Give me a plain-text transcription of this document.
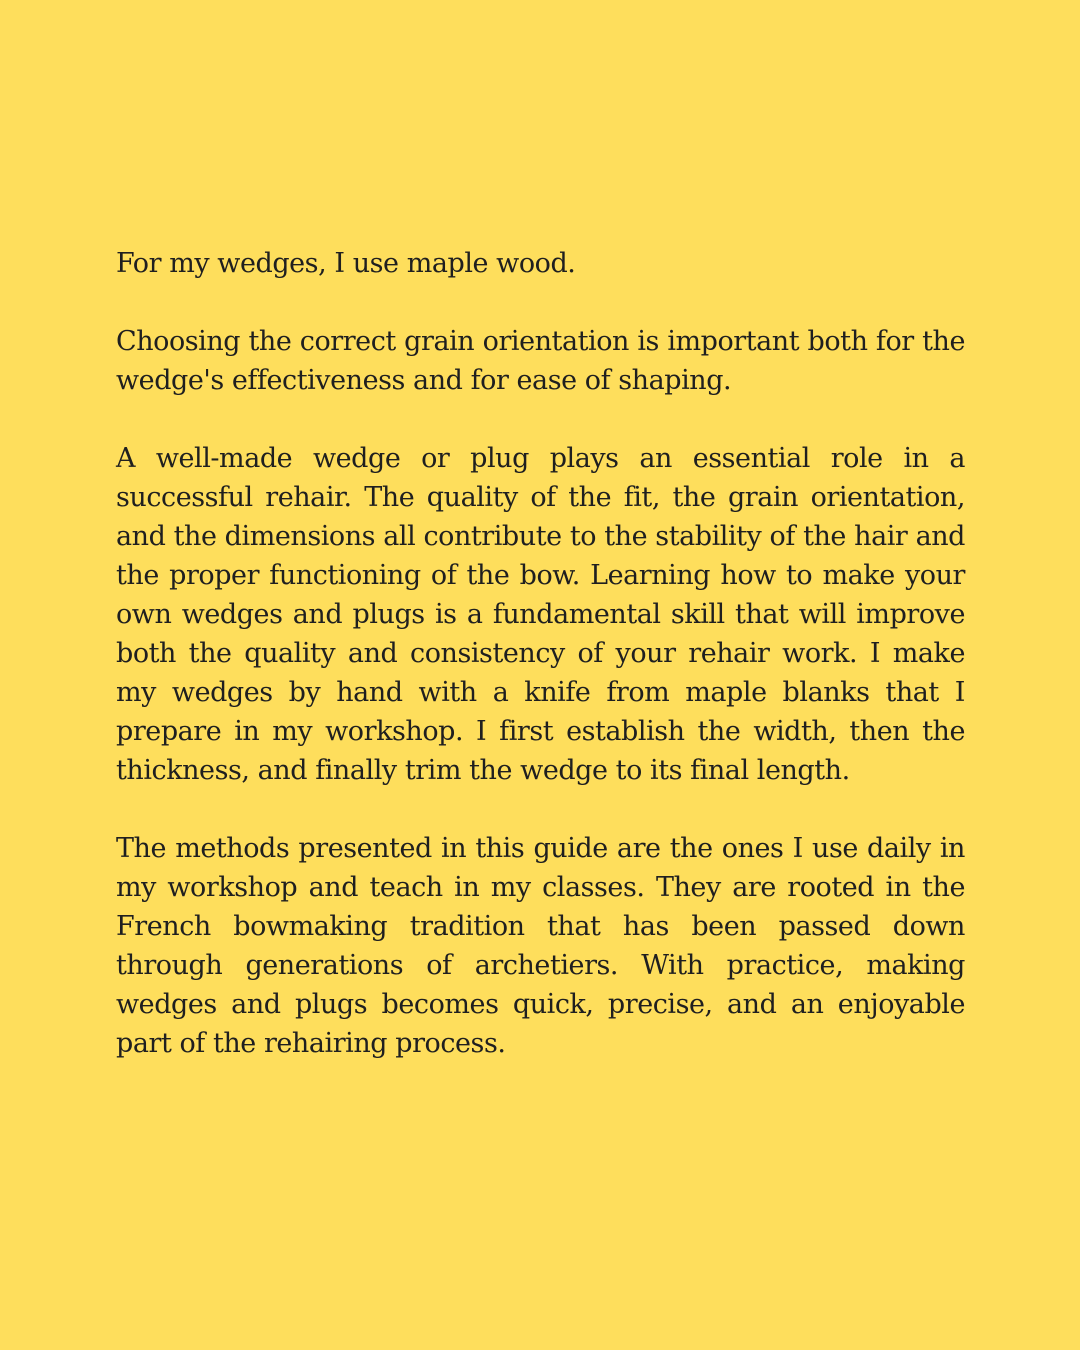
For my wedges, I use maple wood.

Choosing the correct grain orientation is important both for the wedge's effectiveness and for ease of shaping.

A well-made wedge or plug plays an essential role in a successful rehair. The quality of the fit, the grain orientation, and the dimensions all contribute to the stability of the hair and the proper functioning of the bow. Learning how to make your own wedges and plugs is a fundamental skill that will improve both the quality and consistency of your rehair work. I make my wedges by hand with a knife from maple blanks that I prepare in my workshop. I first establish the width, then the thickness, and finally trim the wedge to its final length.

The methods presented in this guide are the ones I use daily in my workshop and teach in my classes. They are rooted in the French bowmaking tradition that has been passed down through generations of archetiers. With practice, making wedges and plugs becomes quick, precise, and an enjoyable part of the rehairing process.
